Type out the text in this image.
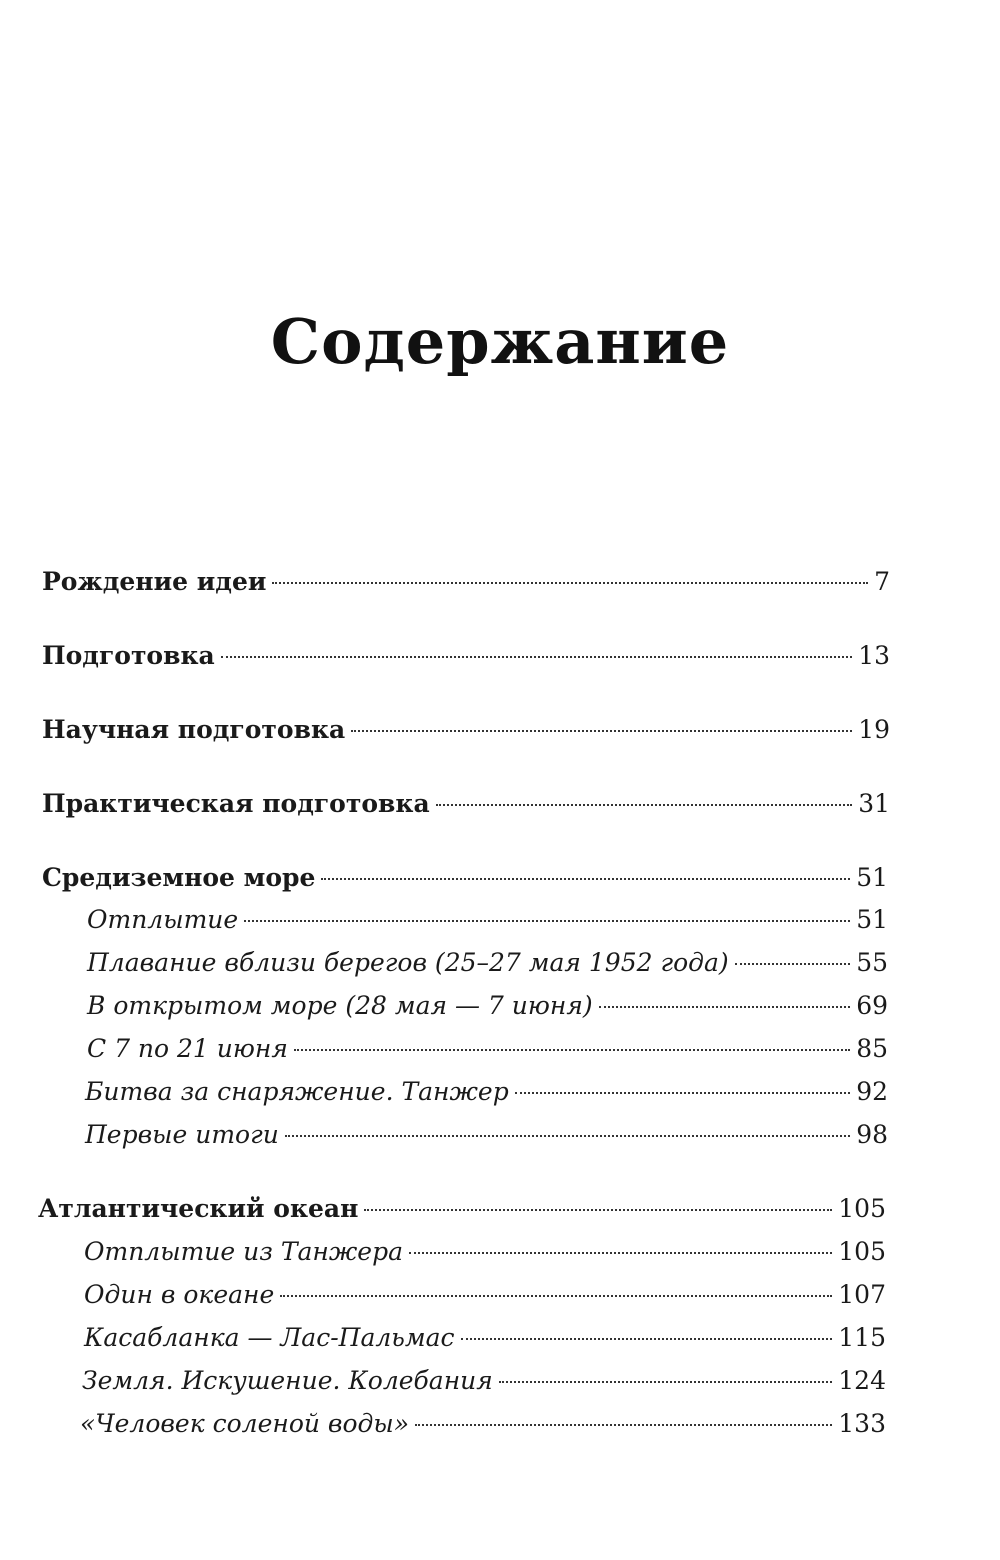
Содержание
Рождение идеи	7
Подготовка	13
Научная подготовка	19
Практическая подготовка	31
Средиземное море	51
Отплытие	51
Плавание вблизи берегов (25–27 мая 1952 года)	55
В открытом море (28 мая — 7 июня)	69
С 7 по 21 июня	85
Битва за снаряжение. Танжер	92
Первые итоги	98
Атлантический океан	105
Отплытие из Танжера	105
Один в океане	107
Касабланка — Лас-Пальмас	115
Земля. Искушение. Колебания	124
«Человек соленой воды»	133
